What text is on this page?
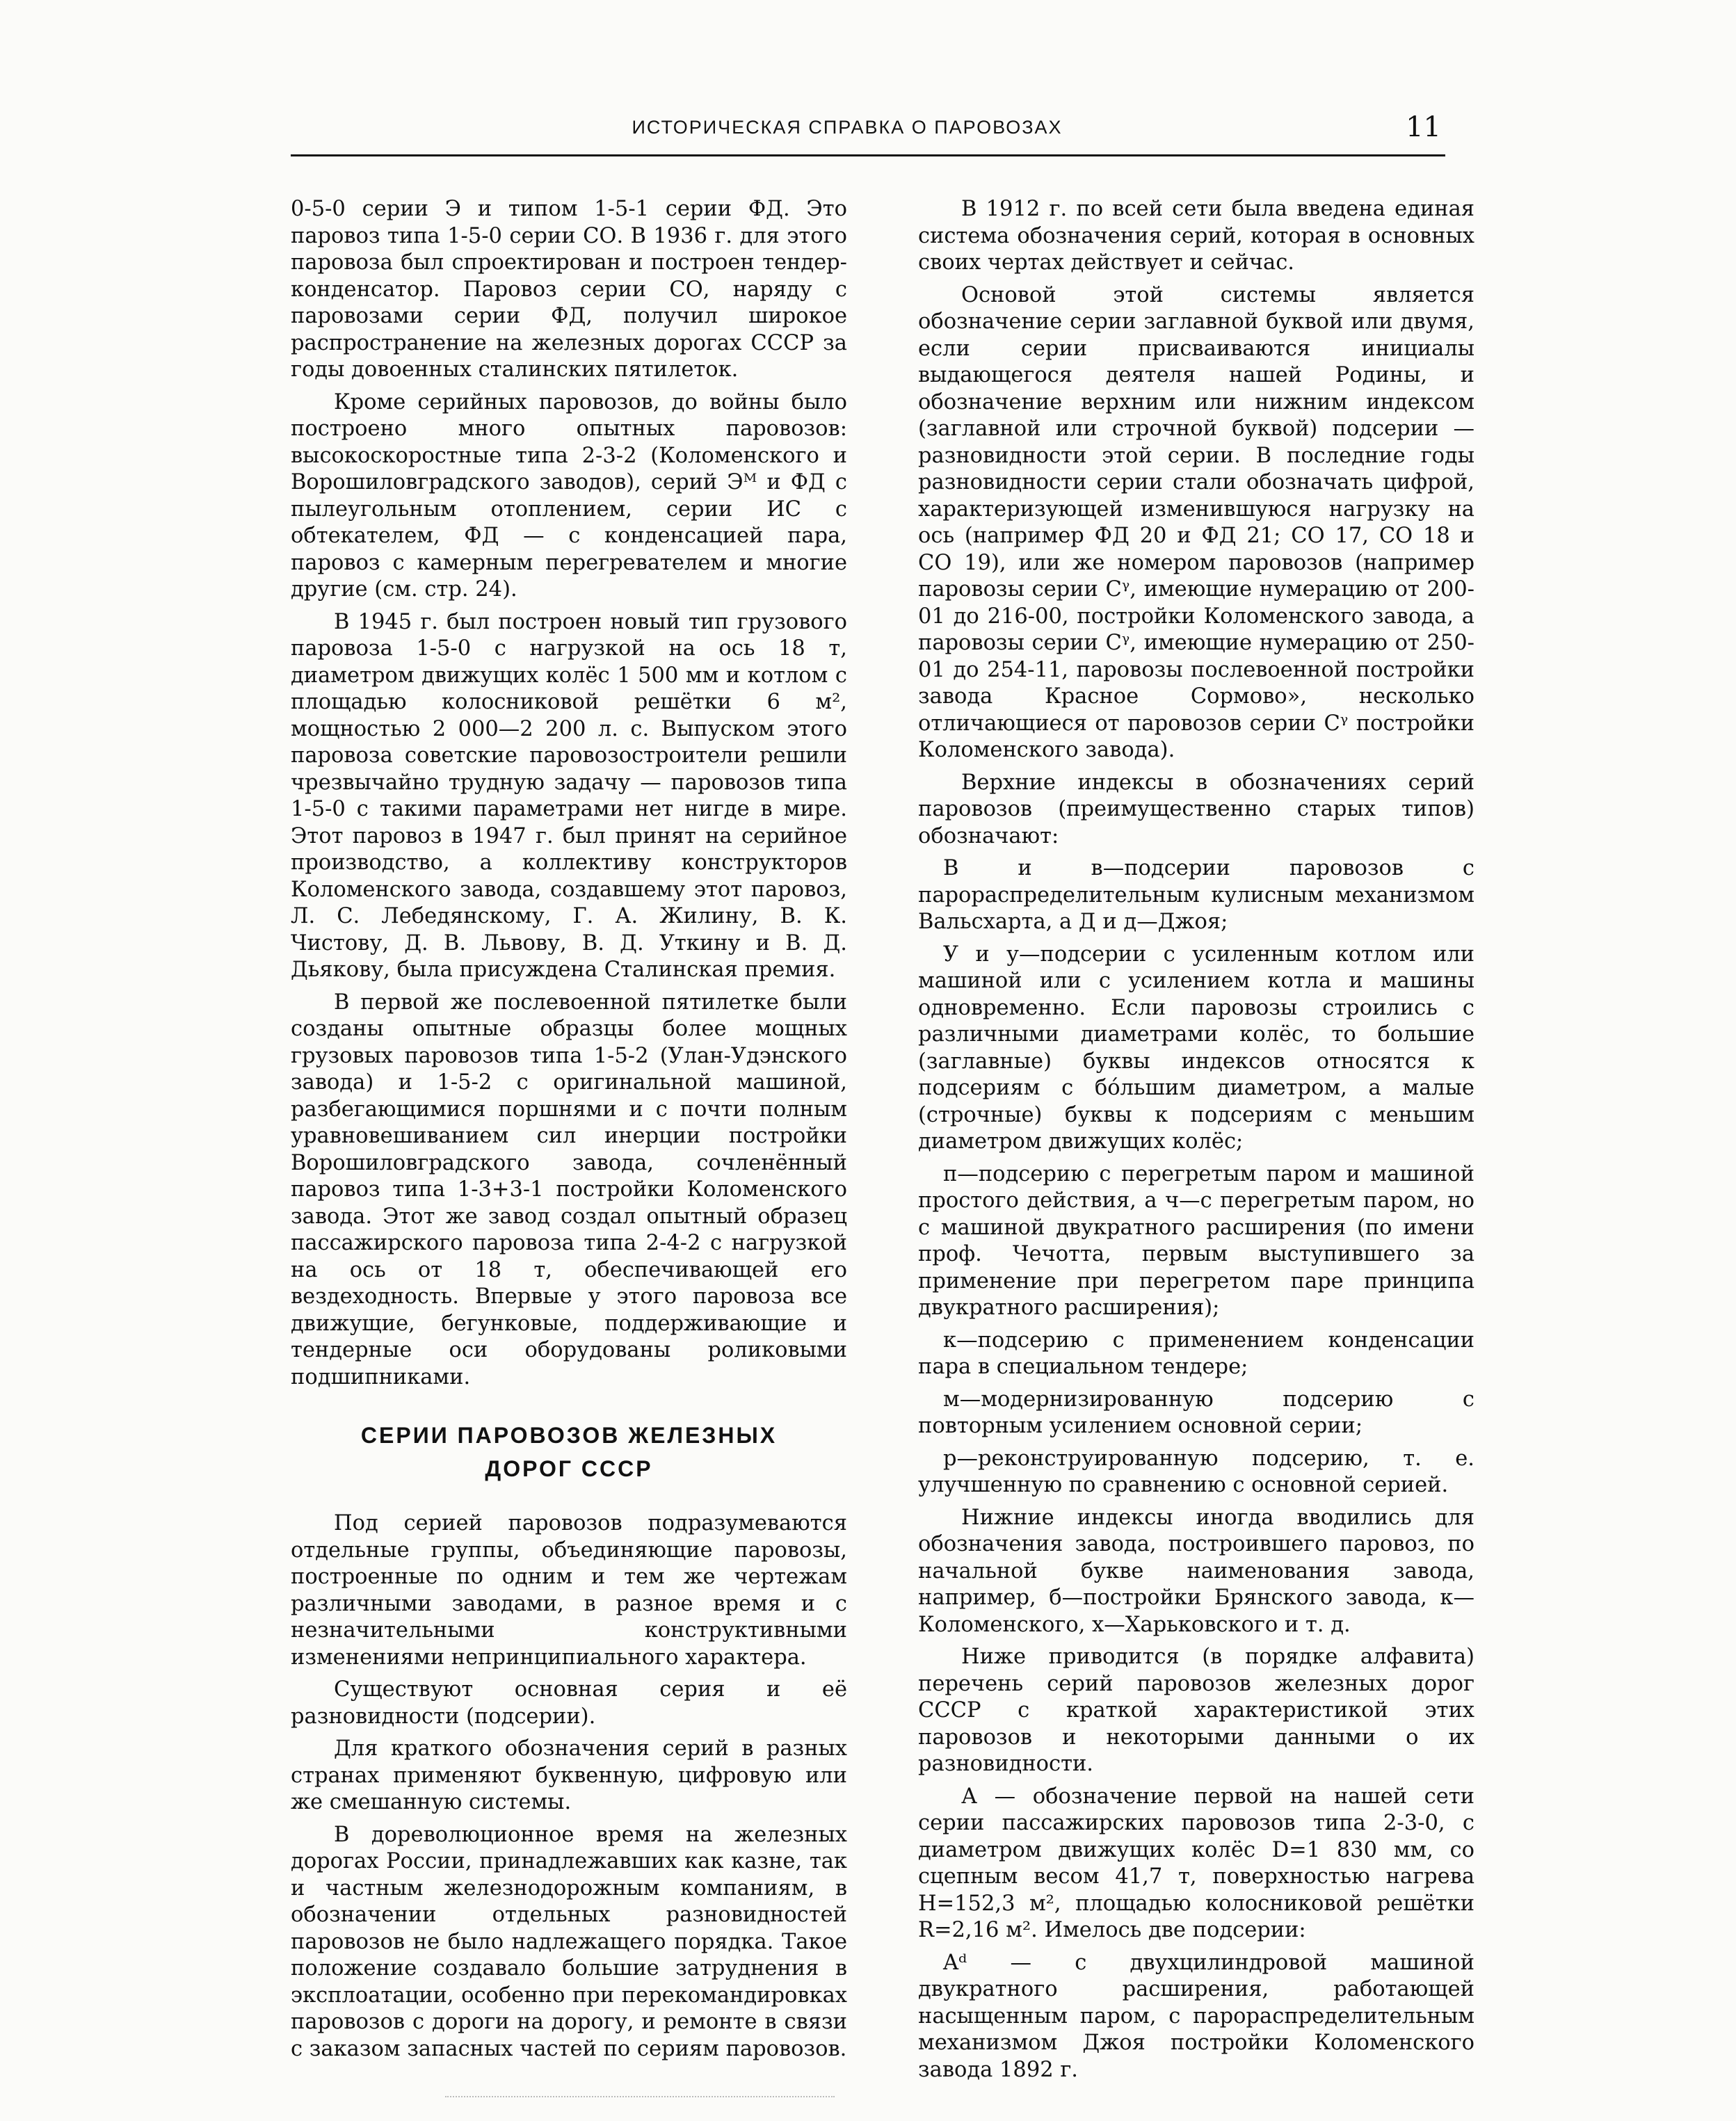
ИСТОРИЧЕСКАЯ СПРАВКА О ПАРОВОЗАХ	11

0-5-0 серии Э и типом 1-5-1 серии ФД. Это паровоз типа 1-5-0 серии СО. В 1936 г. для этого паровоза был спроектирован и построен тендер-конденсатор. Паровоз серии СО, наряду с паровозами серии ФД, получил широкое распространение на железных дорогах СССР за годы довоенных сталинских пятилеток.

Кроме серийных паровозов, до войны было построено много опытных паровозов: высокоскоростные типа 2-3-2 (Коломенского и Ворошиловградского заводов), серий Эᴹ и ФД с пылеугольным отоплением, серии ИС с обтекателем, ФД — с конденсацией пара, паровоз с камерным перегревателем и многие другие (см. стр. 24).

В 1945 г. был построен новый тип грузового паровоза 1-5-0 с нагрузкой на ось 18 т, диаметром движущих колёс 1 500 мм и котлом с площадью колосниковой решётки 6 м², мощностью 2 000—2 200 л. с. Выпуском этого паровоза советские паровозостроители решили чрезвычайно трудную задачу — паровозов типа 1-5-0 с такими параметрами нет нигде в мире. Этот паровоз в 1947 г. был принят на серийное производство, а коллективу конструкторов Коломенского завода, создавшему этот паровоз, Л. С. Лебедянскому, Г. А. Жилину, В. К. Чистову, Д. В. Львову, В. Д. Уткину и В. Д. Дьякову, была присуждена Сталинская премия.

В первой же послевоенной пятилетке были созданы опытные образцы более мощных грузовых паровозов типа 1-5-2 (Улан-Удэнского завода) и 1-5-2 с оригинальной машиной, разбегающимися поршнями и с почти полным уравновешиванием сил инерции постройки Ворошиловградского завода, сочленённый паровоз типа 1-3+3-1 постройки Коломенского завода. Этот же завод создал опытный образец пассажирского паровоза типа 2-4-2 с нагрузкой на ось от 18 т, обеспечивающей его вездеходность. Впервые у этого паровоза все движущие, бегунковые, поддерживающие и тендерные оси оборудованы роликовыми подшипниками.

СЕРИИ ПАРОВОЗОВ ЖЕЛЕЗНЫХ
ДОРОГ СССР

Под серией паровозов подразумеваются отдельные группы, объединяющие паровозы, построенные по одним и тем же чертежам различными заводами, в разное время и с незначительными конструктивными изменениями непринципиального характера.

Существуют основная серия и её разновидности (подсерии).

Для краткого обозначения серий в разных странах применяют буквенную, цифровую или же смешанную системы.

В дореволюционное время на железных дорогах России, принадлежавших как казне, так и частным железнодорожным компаниям, в обозначении отдельных разновидностей паровозов не было надлежащего порядка. Такое положение создавало большие затруднения в эксплоатации, особенно при перекомандировках паровозов с дороги на дорогу, и ремонте в связи с заказом запасных частей по сериям паровозов.

В 1912 г. по всей сети была введена единая система обозначения серий, которая в основных своих чертах действует и сейчас.

Основой этой системы является обозначение серии заглавной буквой или двумя, если серии присваиваются инициалы выдающегося деятеля нашей Родины, и обозначение верхним или нижним индексом (заглавной или строчной буквой) подсерии — разновидности этой серии. В последние годы разновидности серии стали обозначать цифрой, характеризующей изменившуюся нагрузку на ось (например ФД 20 и ФД 21; СО 17, СО 18 и СО 19), или же номером паровозов (например паровозы серии Сᵞ, имеющие нумерацию от 200-01 до 216-00, постройки Коломенского завода, а паровозы серии Сᵞ, имеющие нумерацию от 250-01 до 254-11, паровозы послевоенной постройки завода Красное Сормово», несколько отличающиеся от паровозов серии Сᵞ постройки Коломенского завода).

Верхние индексы в обозначениях серий паровозов (преимущественно старых типов) обозначают:

В и в—подсерии паровозов с парораспределительным кулисным механизмом Вальсхарта, а Д и д—Джоя;

У и у—подсерии с усиленным котлом или машиной или с усилением котла и машины одновременно. Если паровозы строились с различными диаметрами колёс, то большие (заглавные) буквы индексов относятся к подсериям с бо́льшим диаметром, а малые (строчные) буквы к подсериям с меньшим диаметром движущих колёс;

п—подсерию с перегретым паром и машиной простого действия, а ч—с перегретым паром, но с машиной двукратного расширения (по имени проф. Чечотта, первым выступившего за применение при перегретом паре принципа двукратного расширения);

к—подсерию с применением конденсации пара в специальном тендере;

м—модернизированную подсерию с повторным усилением основной серии;

р—реконструированную подсерию, т. е. улучшенную по сравнению с основной серией.

Нижние индексы иногда вводились для обозначения завода, построившего паровоз, по начальной букве наименования завода, например, б—постройки Брянского завода, к—Коломенского, х—Харьковского и т. д.

Ниже приводится (в порядке алфавита) перечень серий паровозов железных дорог СССР с краткой характеристикой этих паровозов и некоторыми данными о их разновидности.

А — обозначение первой на нашей сети серии пассажирских паровозов типа 2-3-0, с диаметром движущих колёс D=1 830 мм, со сцепным весом 41,7 т, поверхностью нагрева H=152,3 м², площадью колосниковой решётки R=2,16 м². Имелось две подсерии:

Aᵈ — с двухцилиндровой машиной двукратного расширения, работающей насыщенным паром, с парораспределительным механизмом Джоя постройки Коломенского завода 1892 г.
